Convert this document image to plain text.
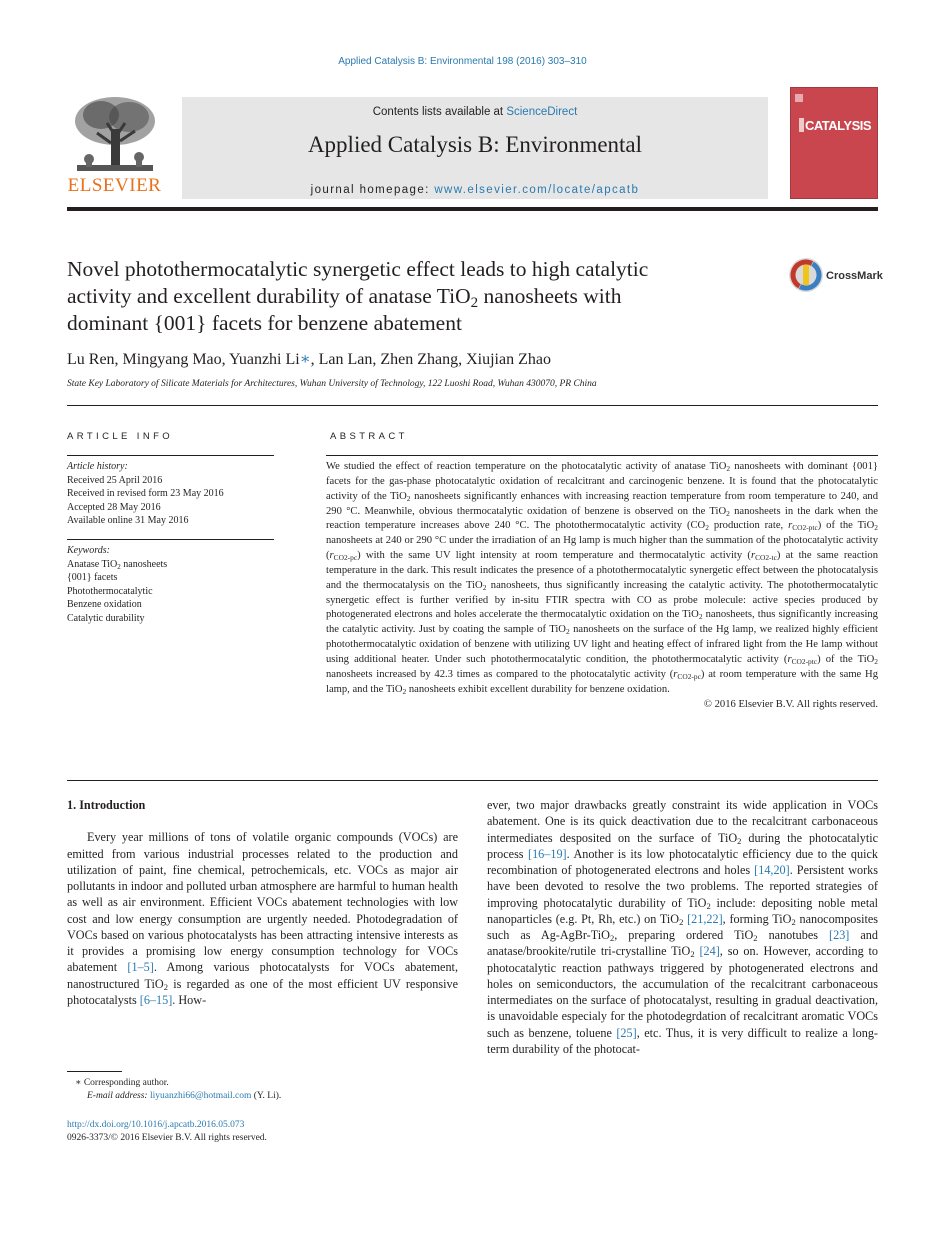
Applied Catalysis B: Environmental 198 (2016) 303–310
ELSEVIER
Contents lists available at ScienceDirect
Applied Catalysis B: Environmental
journal homepage: www.elsevier.com/locate/apcatb
CATALYSIS
Novel photothermocatalytic synergetic effect leads to high catalytic
activity and excellent durability of anatase TiO$_2$ nanosheets with
dominant {001} facets for benzene abatement
CrossMark
Lu Ren, Mingyang Mao, Yuanzhi Li∗, Lan Lan, Zhen Zhang, Xiujian Zhao
State Key Laboratory of Silicate Materials for Architectures, Wuhan University of Technology, 122 Luoshi Road, Wuhan 430070, PR China
ARTICLE INFO
Article history:
Received 25 April 2016
Received in revised form 23 May 2016
Accepted 28 May 2016
Available online 31 May 2016
Keywords:
Anatase TiO$_2$ nanosheets
{001} facets
Photothermocatalytic
Benzene oxidation
Catalytic durability
ABSTRACT
We studied the effect of reaction temperature on the photocatalytic activity of anatase TiO$_2$ nanosheets with dominant {001} facets for the gas-phase photocatalytic oxidation of recalcitrant and carcinogenic benzene. It is found that the photocatalytic activity of the TiO$_2$ nanosheets significantly enhances with increasing reaction temperature from room temperature to 240, and 290 °C. Meanwhile, obvious thermocatalytic oxidation of benzene is observed on the TiO$_2$ nanosheets in the dark when the reaction temperature increases above 240 °C. The photothermocatalytic activity ($CO_2$ production rate, $r_{CO2-ptc}$) of the TiO$_2$ nanosheets at 240 or 290 °C under the irradiation of an Hg lamp is much higher than the summation of the photocatalytic activity $(r_{CO2-pc})$ with the same UV light intensity at room temperature and thermocatalytic activity $(r_{CO2-tc})$ at the same reaction temperature in the dark. This result indicates the presence of a photothermocatalytic synergetic effect between the photocatalysis and the thermocatalysis on the TiO$_2$ nanosheets, thus significantly increasing the catalytic activity. The photothermocatalytic synergetic effect is further verified by in-situ FTIR spectra with CO as probe molecule: active species produced by photogenerated electrons and holes accelerate the thermocatalytic oxidation on the TiO$_2$ nanosheets, thus significantly increasing the catalytic activity. Just by coating the sample of TiO$_2$ nanosheets on the surface of the Hg lamp, we realized highly efficient photothermocatalytic oxidation of benzene with utilizing UV light and heating effect of infrared light from the He lamp without using additional heater. Under such photothermocatalytic condition, the photothermocatalytic activity $(r_{CO2-ptc})$ of the TiO$_2$ nanosheets increased by 42.3 times as compared to the photocatalytic activity $(r_{CO2-pc})$ at room temperature with the same Hg lamp, and the TiO$_2$ nanosheets exhibit excellent durability for benzene oxidation.
© 2016 Elsevier B.V. All rights reserved.

1. Introduction

Every year millions of tons of volatile organic compounds (VOCs) are emitted from various industrial processes related to the production and utilization of paint, fine chemical, petrochemicals, etc. VOCs as major air pollutants in indoor and polluted urban atmosphere are harmful to human health as well as air environment. Efficient VOCs abatement technologies with low cost and low energy consumption are urgently needed. Photodegradation of VOCs based on various photocatalysts has been attracting intensive interests as it provides a promising low energy consumption technology for VOCs abatement [1–5]. Among various photocatalysts for VOCs abatement, nanostructured TiO$_2$ is regarded as one of the most efficient UV responsive photocatalysts [6–15]. How-

ever, two major drawbacks greatly constraint its wide application in VOCs abatement. One is its quick deactivation due to the recalcitrant carbonaceous intermediates desposited on the surface of TiO$_2$ during the photocatalytic process [16–19]. Another is its low photocatalytic efficiency due to the quick recombination of photogenerated electrons and holes [14,20]. Persistent works have been devoted to resolve the two problems. The reported strategies of improving photocatalytic durability of TiO$_2$ include: depositing noble metal nanoparticles (e.g. Pt, Rh, etc.) on TiO$_2$ [21,22], forming TiO$_2$ nanocomposites such as Ag-AgBr-TiO$_2$, preparing ordered TiO$_2$ nanotubes [23] and anatase/brookite/rutile tri-crystalline TiO$_2$ [24], so on. However, according to photocatalytic reaction pathways triggered by photogenerated electrons and holes on semiconductors, the accumulation of the recalcitrant carbonaceous intermediates on the surface of photocatalyst, resulting in gradual deactivation, is unavoidable especialy for the photodegrdation of recalcitrant aromatic VOCs such as benzene, toluene [25], etc. Thus, it is very difficult to realize a long-term durability of the photocat-

∗ Corresponding author.
E-mail address: liyuanzhi66@hotmail.com (Y. Li).
http://dx.doi.org/10.1016/j.apcatb.2016.05.073
0926-3373/© 2016 Elsevier B.V. All rights reserved.
